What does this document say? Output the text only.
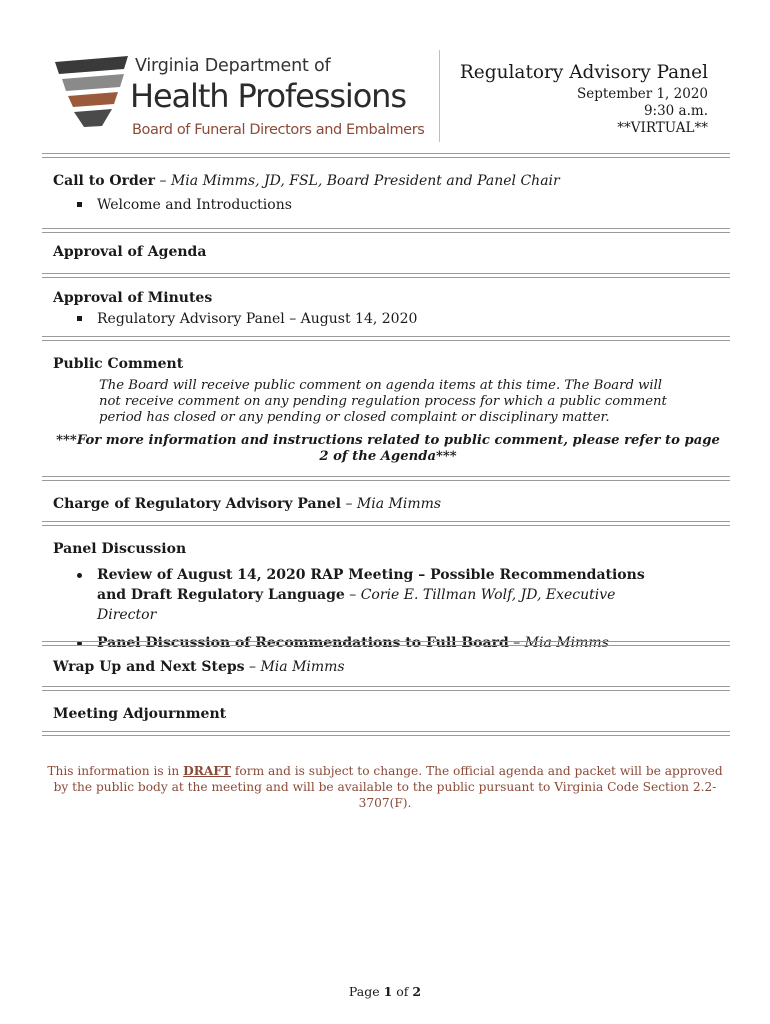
Virginia Department of
Health Professions
Board of Funeral Directors and Embalmers
Regulatory Advisory Panel
September 1, 2020
9:30 a.m.
**VIRTUAL**
Call to Order – Mia Mimms, JD, FSL, Board President and Panel Chair
Welcome and Introductions
Approval of Agenda
Approval of Minutes
Regulatory Advisory Panel – August 14, 2020
Public Comment
The Board will receive public comment on agenda items at this time. The Board will not receive comment on any pending regulation process for which a public comment period has closed or any pending or closed complaint or disciplinary matter.
***For more information and instructions related to public comment, please refer to page 2 of the Agenda***
Charge of Regulatory Advisory Panel – Mia Mimms
Panel Discussion
Review of August 14, 2020 RAP Meeting – Possible Recommendations and Draft Regulatory Language – Corie E. Tillman Wolf, JD, Executive Director
Panel Discussion of Recommendations to Full Board – Mia Mimms
Wrap Up and Next Steps – Mia Mimms
Meeting Adjournment
This information is in DRAFT form and is subject to change. The official agenda and packet will be approved by the public body at the meeting and will be available to the public pursuant to Virginia Code Section 2.2-3707(F).
Page 1 of 2
